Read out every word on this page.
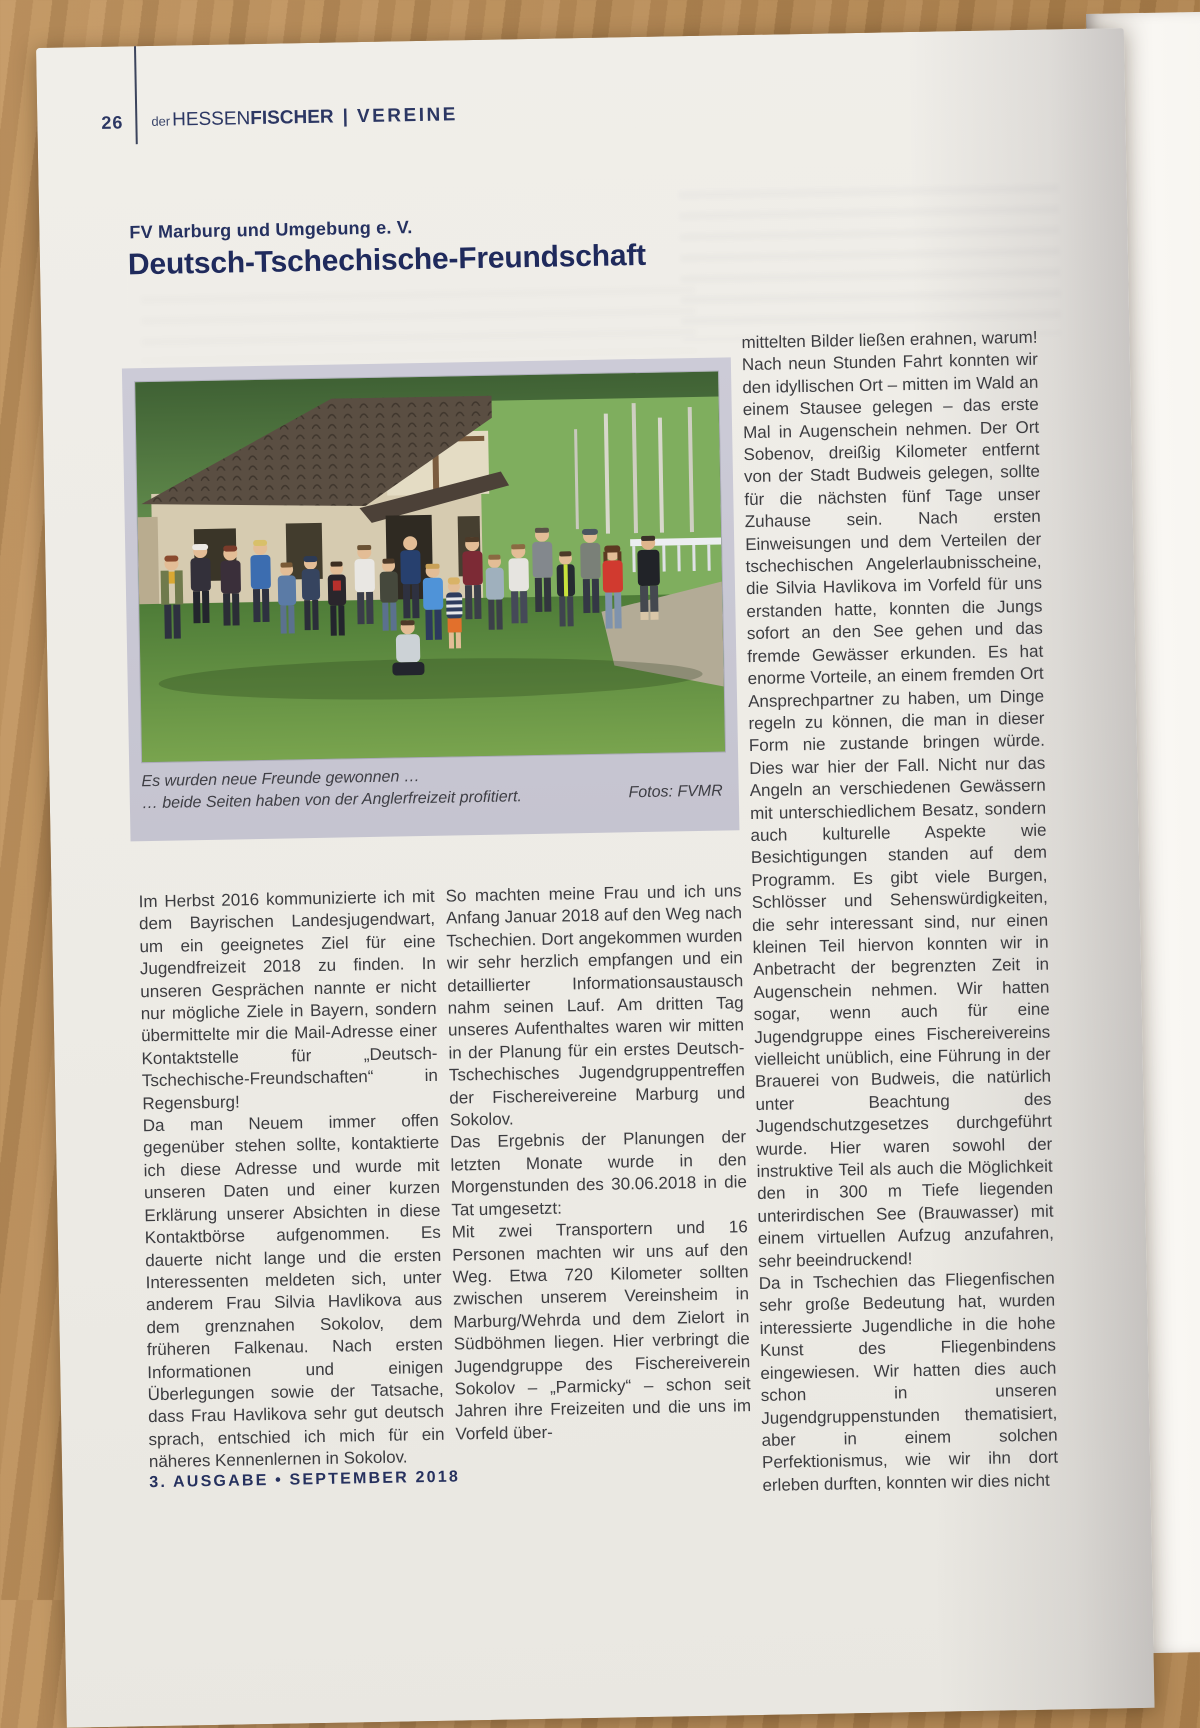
26 derHESSENFISCHER | VEREINE
FV Marburg und Umgebung e. V.
Deutsch-Tschechische-Freundschaft
Es wurden neue Freunde gewonnen …
… beide Seiten haben von der Anglerfreizeit profitiert.	Fotos: FVMR

Im Herbst 2016 kommunizierte ich mit dem Bayrischen Landesjugendwart, um ein geeignetes Ziel für eine Jugendfreizeit 2018 zu finden. In unseren Gesprächen nannte er nicht nur mögliche Ziele in Bayern, sondern übermittelte mir die Mail-Adresse einer Kontaktstelle für „Deutsch-Tschechische-Freundschaften“ in Regensburg!

Da man Neuem immer offen gegenüber stehen sollte, kontaktierte ich diese Adresse und wurde mit unseren Daten und einer kurzen Erklärung unserer Absichten in diese Kontaktbörse aufgenommen. Es dauerte nicht lange und die ersten Interessenten meldeten sich, unter anderem Frau Silvia Havlikova aus dem grenznahen Sokolov, dem früheren Falkenau. Nach ersten Informationen und einigen Überlegungen sowie der Tatsache, dass Frau Havlikova sehr gut deutsch sprach, entschied ich mich für ein näheres Kennenlernen in Sokolov.

So machten meine Frau und ich uns Anfang Januar 2018 auf den Weg nach Tschechien. Dort angekommen wurden wir sehr herzlich empfangen und ein detaillierter Informationsaustausch nahm seinen Lauf. Am dritten Tag unseres Aufenthaltes waren wir mitten in der Planung für ein erstes Deutsch-Tschechisches Jugendgruppentreffen der Fischereivereine Marburg und Sokolov.

Das Ergebnis der Planungen der letzten Monate wurde in den Morgenstunden des 30.06.2018 in die Tat umgesetzt:

Mit zwei Transportern und 16 Personen machten wir uns auf den Weg. Etwa 720 Kilometer sollten zwischen unserem Vereinsheim in Marburg/Wehrda und dem Zielort in Südböhmen liegen. Hier verbringt die Jugendgruppe des Fischereiverein Sokolov – „Parmicky“ – schon seit Jahren ihre Freizeiten und die uns im Vorfeld über-

mittelten Bilder ließen erahnen, warum! Nach neun Stunden Fahrt konnten wir den idyllischen Ort – mitten im Wald an einem Stausee gelegen – das erste Mal in Augenschein nehmen. Der Ort Sobenov, dreißig Kilometer entfernt von der Stadt Budweis gelegen, sollte für die nächsten fünf Tage unser Zuhause sein. Nach ersten Einweisungen und dem Verteilen der tschechischen Angelerlaubnisscheine, die Silvia Havlikova im Vorfeld für uns erstanden hatte, konnten die Jungs sofort an den See gehen und das fremde Gewässer erkunden. Es hat enorme Vorteile, an einem fremden Ort Ansprechpartner zu haben, um Dinge regeln zu können, die man in dieser Form nie zustande bringen würde. Dies war hier der Fall. Nicht nur das Angeln an verschiedenen Gewässern mit unterschiedlichem Besatz, sondern auch kulturelle Aspekte wie Besichtigungen standen auf dem Programm. Es gibt viele Burgen, Schlösser und Sehenswürdigkeiten, die sehr interessant sind, nur einen kleinen Teil hiervon konnten wir in Anbetracht der begrenzten Zeit in Augenschein nehmen. Wir hatten sogar, wenn auch für eine Jugendgruppe eines Fischereivereins vielleicht unüblich, eine Führung in der Brauerei von Budweis, die natürlich unter Beachtung des Jugendschutzgesetzes durchgeführt wurde. Hier waren sowohl der instruktive Teil als auch die Möglichkeit den in 300 m Tiefe liegenden unterirdischen See (Brauwasser) mit einem virtuellen Aufzug anzufahren, sehr beeindruckend!

Da in Tschechien das Fliegenfischen sehr große Bedeutung hat, wurden interessierte Jugendliche in die hohe Kunst des Fliegenbindens eingewiesen. Wir hatten dies auch schon in unseren Jugendgruppenstunden thematisiert, aber in einem solchen Perfektionismus, wie wir ihn dort erleben durften, konnten wir dies nicht

3. AUSGABE • SEPTEMBER 2018
